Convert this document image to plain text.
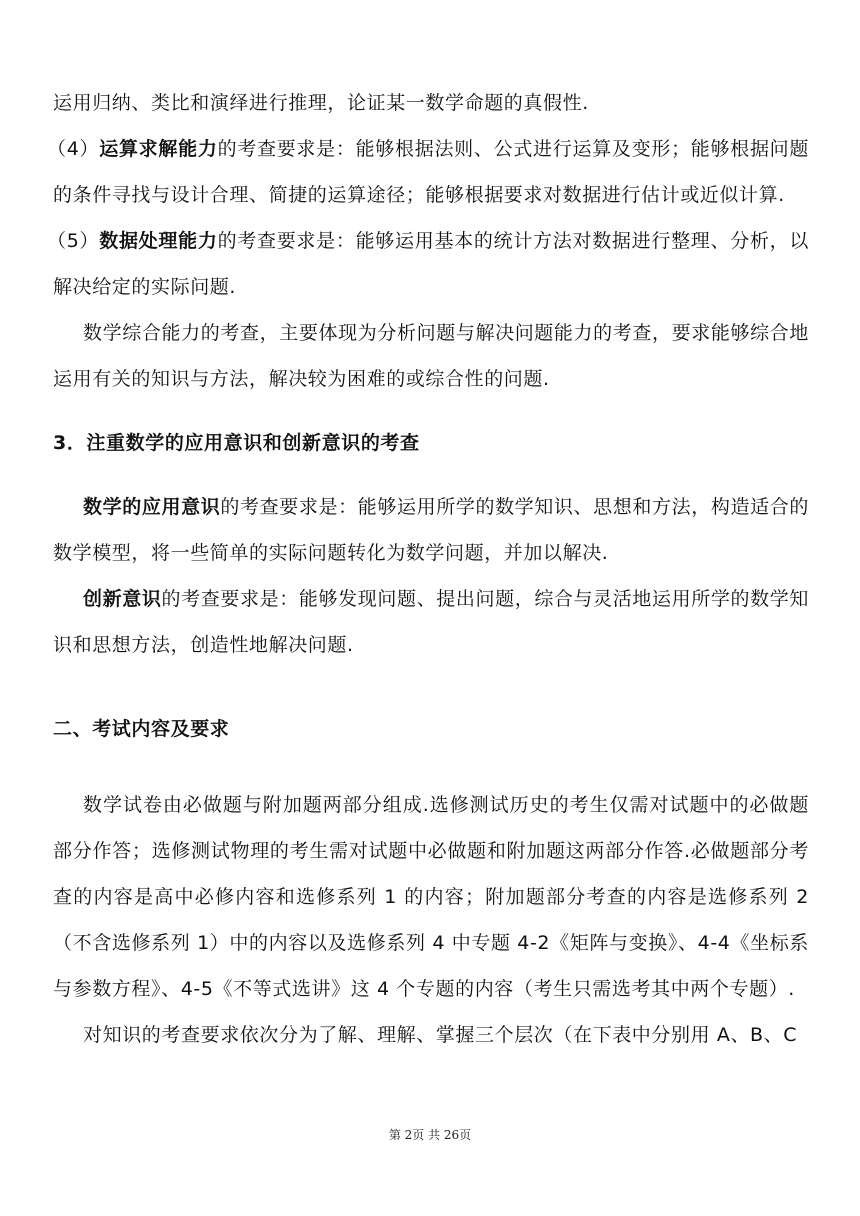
运用归纳、类比和演绎进行推理，论证某一数学命题的真假性.

（4）运算求解能力的考查要求是：能够根据法则、公式进行运算及变形；能够根据问题的条件寻找与设计合理、简捷的运算途径；能够根据要求对数据进行估计或近似计算.

（5）数据处理能力的考查要求是：能够运用基本的统计方法对数据进行整理、分析，以解决给定的实际问题.

数学综合能力的考查，主要体现为分析问题与解决问题能力的考查，要求能够综合地运用有关的知识与方法，解决较为困难的或综合性的问题.

3．注重数学的应用意识和创新意识的考查

数学的应用意识的考查要求是：能够运用所学的数学知识、思想和方法，构造适合的数学模型，将一些简单的实际问题转化为数学问题，并加以解决.

创新意识的考查要求是：能够发现问题、提出问题，综合与灵活地运用所学的数学知识和思想方法，创造性地解决问题.

二、考试内容及要求

数学试卷由必做题与附加题两部分组成.选修测试历史的考生仅需对试题中的必做题部分作答；选修测试物理的考生需对试题中必做题和附加题这两部分作答.必做题部分考查的内容是高中必修内容和选修系列 1 的内容；附加题部分考查的内容是选修系列 2（不含选修系列 1）中的内容以及选修系列 4 中专题 4-2《矩阵与变换》、4-4《坐标系与参数方程》、4-5《不等式选讲》这 4 个专题的内容（考生只需选考其中两个专题）.

对知识的考查要求依次分为了解、理解、掌握三个层次（在下表中分别用 A、B、C

第 2页 共 26页
